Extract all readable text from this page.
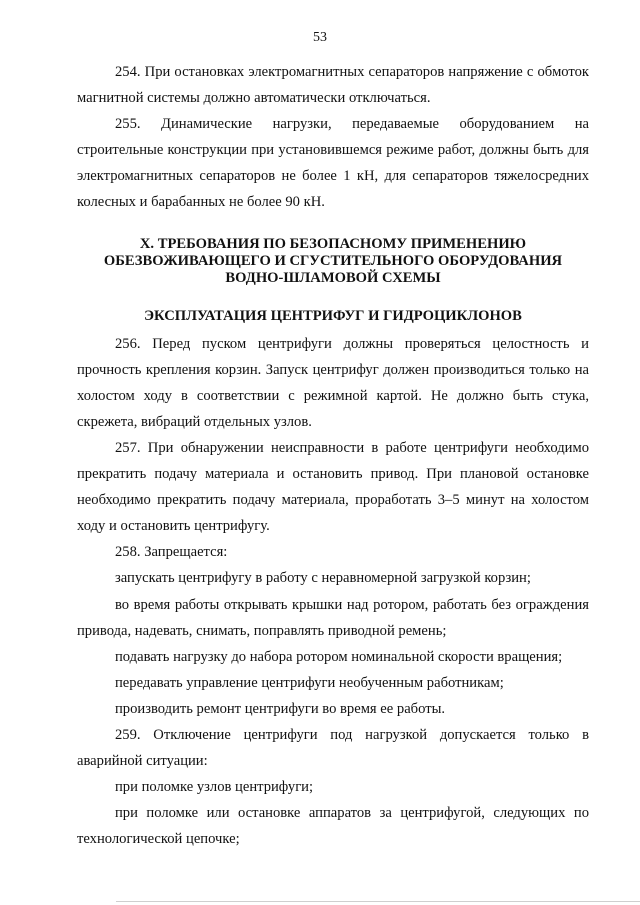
53

254. При остановках электромагнитных сепараторов напряжение с обмоток магнитной системы должно автоматически отключаться.

255. Динамические нагрузки, передаваемые оборудованием на строительные конструкции при установившемся режиме работ, должны быть для электромагнитных сепараторов не более 1 кН, для сепараторов тяжелосредних колесных и барабанных не более 90 кН.

X. ТРЕБОВАНИЯ ПО БЕЗОПАСНОМУ ПРИМЕНЕНИЮ
ОБЕЗВОЖИВАЮЩЕГО И СГУСТИТЕЛЬНОГО ОБОРУДОВАНИЯ
ВОДНО-ШЛАМОВОЙ СХЕМЫ
ЭКСПЛУАТАЦИЯ ЦЕНТРИФУГ И ГИДРОЦИКЛОНОВ

256. Перед пуском центрифуги должны проверяться целостность и прочность крепления корзин. Запуск центрифуг должен производиться только на холостом ходу в соответствии с режимной картой. Не должно быть стука, скрежета, вибраций отдельных узлов.

257. При обнаружении неисправности в работе центрифуги необходимо прекратить подачу материала и остановить привод. При плановой остановке необходимо прекратить подачу материала, проработать 3–5 минут на холостом ходу и остановить центрифугу.

258. Запрещается:

запускать центрифугу в работу с неравномерной загрузкой корзин;

во время работы открывать крышки над ротором, работать без ограждения привода, надевать, снимать, поправлять приводной ремень;

подавать нагрузку до набора ротором номинальной скорости вращения;

передавать управление центрифуги необученным работникам;

производить ремонт центрифуги во время ее работы.

259. Отключение центрифуги под нагрузкой допускается только в аварийной ситуации:

при поломке узлов центрифуги;

при поломке или остановке аппаратов за центрифугой, следующих по технологической цепочке;
